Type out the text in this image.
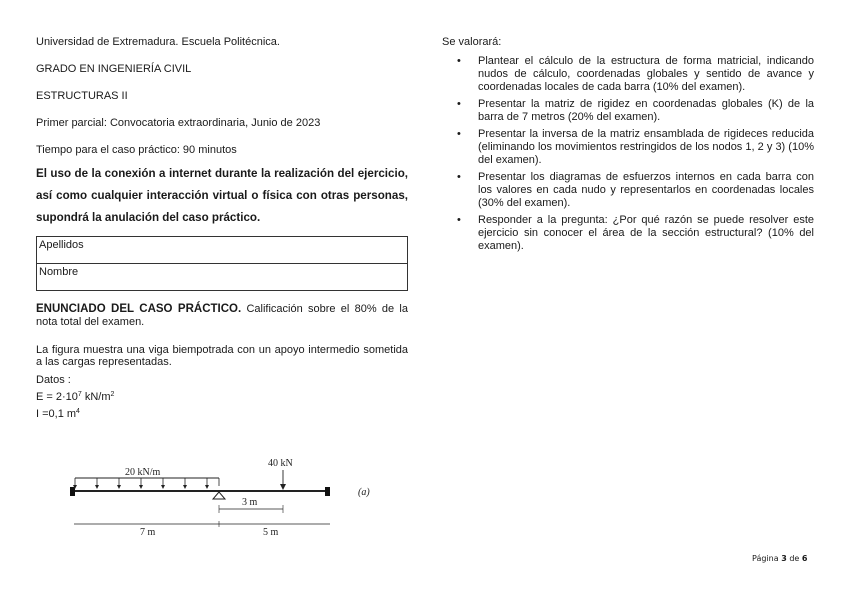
Universidad de Extremadura. Escuela Politécnica.

GRADO EN INGENIERÍA CIVIL

ESTRUCTURAS II

Primer parcial: Convocatoria extraordinaria, Junio de 2023

Tiempo para el caso práctico: 90 minutos

El uso de la conexión a internet durante la realización del ejercicio, así como cualquier interacción virtual o física con otras personas, supondrá la anulación del caso práctico.

Apellidos

Nombre

ENUNCIADO DEL CASO PRÁCTICO. Calificación sobre el 80% de la nota total del examen.

La figura muestra una viga biempotrada con un apoyo intermedio sometida a las cargas representadas.

Datos :

$E = 2\cdot 10^7$ $kN/m^2$

I =0,1 $m^4$

20 kN/m
40 kN
3 m
7 m	5 m
(a)

Se valorará:

• Plantear el cálculo de la estructura de forma matricial, indicando nudos de cálculo, coordenadas globales y sentido de avance y coordenadas locales de cada barra (10% del examen).
• Presentar la matriz de rigidez en coordenadas globales (K) de la barra de 7 metros (20% del examen).
• Presentar la inversa de la matriz ensamblada de rigideces reducida (eliminando los movimientos restringidos de los nodos 1, 2 y 3) (10% del examen).
• Presentar los diagramas de esfuerzos internos en cada barra con los valores en cada nudo y representarlos en coordenadas locales (30% del examen).
• Responder a la pregunta: ¿Por qué razón se puede resolver este ejercicio sin conocer el área de la sección estructural? (10% del examen).
Página 3 de 6
